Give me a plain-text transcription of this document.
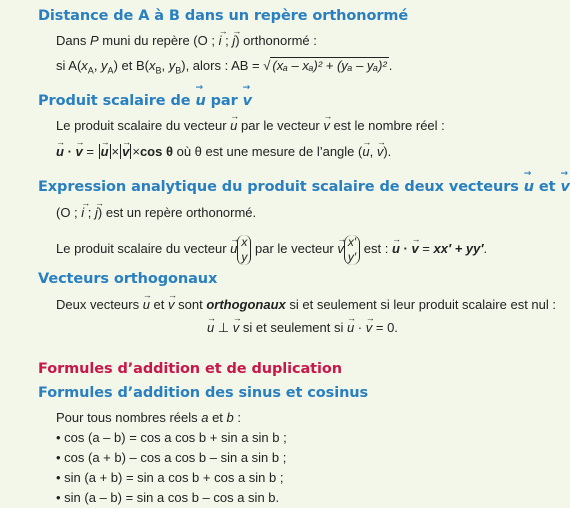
Distance de A à B dans un repère orthonormé
Dans P muni du repère (O ; → i ; → j) orthonormé :
si $A(x_A$, $y_A$) et $B(x_B$, $y_B$), alors : AB = √ (xₐ – xₐ)² + (yₐ – yₐ)² .
Produit scalaire de → u par → v
Le produit scalaire du vecteur → u par le vecteur → v est le nombre réel :
→ u · → v = → u ×→ v ×cos θ où θ est une mesure de l’angle (→ u, → v).
Expression analytique du produit scalaire de deux vecteurs → u et → v
(O ; → i ; → j) est un repère orthonormé.
Le produit scalaire du vecteur → u x
y par le vecteur → v x′
y′ est : → u · → v = xx′ + yy′.
Vecteurs orthogonaux
Deux vecteurs → u et → v sont orthogonaux si et seulement si leur produit scalaire est nul :
→ u ⊥ → v si et seulement si → u · → v = 0.
Formules d’addition et de duplication
Formules d’addition des sinus et cosinus
Pour tous nombres réels a et b :
• cos (a – b) = cos a cos b + sin a sin b ;
• cos (a + b) – cos a cos b – sin a sin b ;
• sin (a + b) = sin a cos b + cos a sin b ;
• sin (a – b) = sin a cos b – cos a sin b.
